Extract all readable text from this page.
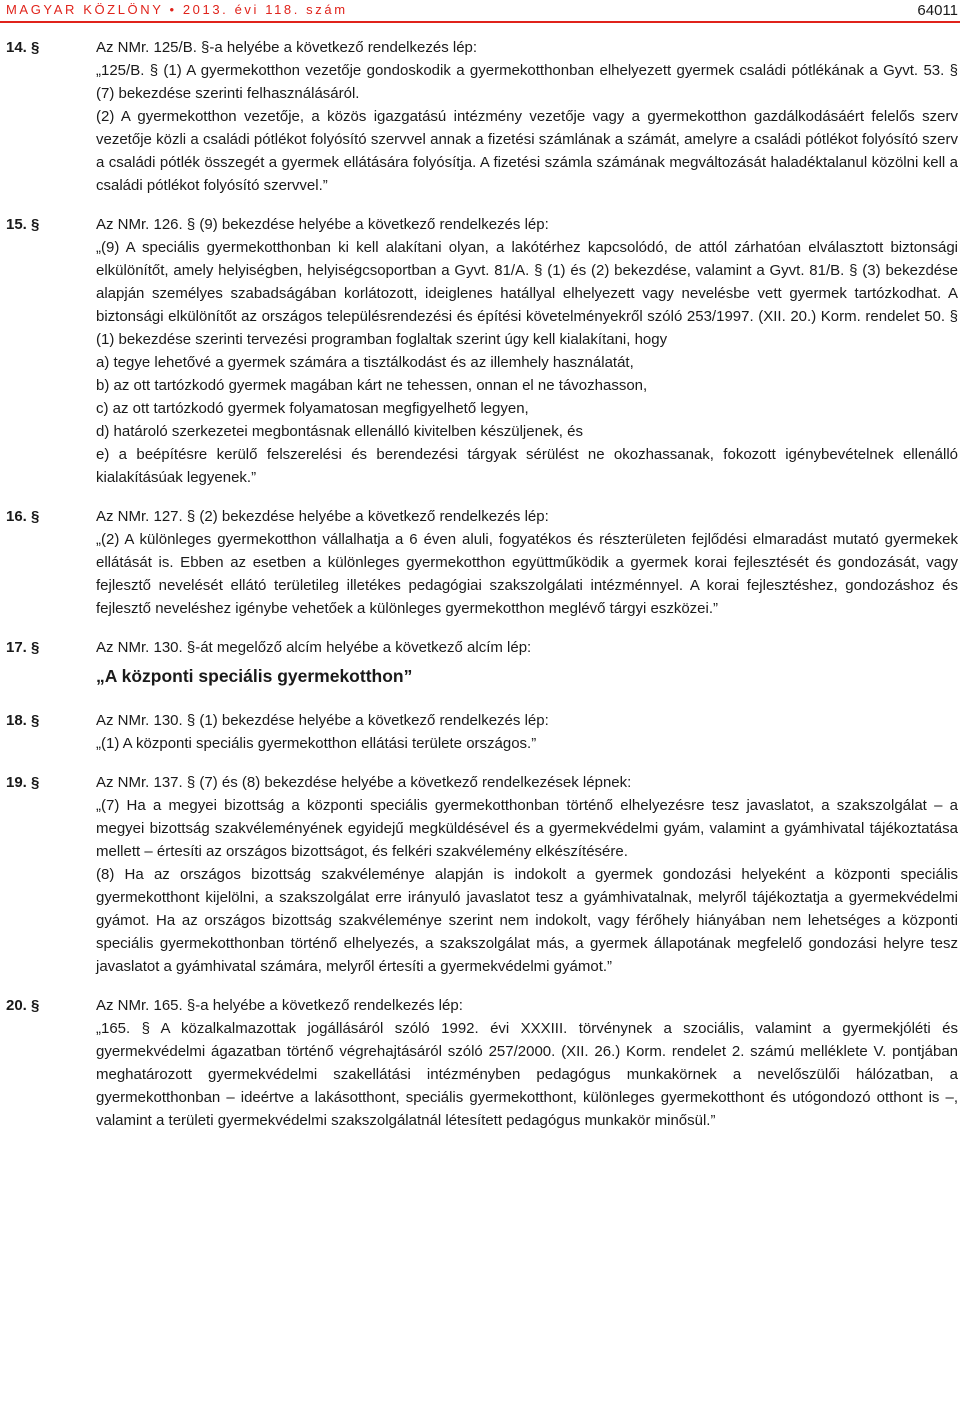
MAGYAR KÖZLÖNY • 2013. évi 118. szám	64011
14. §	Az NMr. 125/B. §-a helyébe a következő rendelkezés lép:

„125/B. § (1) A gyermekotthon vezetője gondoskodik a gyermekotthonban elhelyezett gyermek családi pótlékának a Gyvt. 53. § (7) bekezdése szerinti felhasználásáról.

(2) A gyermekotthon vezetője, a közös igazgatású intézmény vezetője vagy a gyermekotthon gazdálkodásáért felelős szerv vezetője közli a családi pótlékot folyósító szervvel annak a fizetési számlának a számát, amelyre a családi pótlékot folyósító szerv a családi pótlék összegét a gyermek ellátására folyósítja. A fizetési számla számának megváltozását haladéktalanul közölni kell a családi pótlékot folyósító szervvel.”

15. §	Az NMr. 126. § (9) bekezdése helyébe a következő rendelkezés lép:

„(9) A speciális gyermekotthonban ki kell alakítani olyan, a lakótérhez kapcsolódó, de attól zárhatóan elválasztott biztonsági elkülönítőt, amely helyiségben, helyiségcsoportban a Gyvt. 81/A. § (1) és (2) bekezdése, valamint a Gyvt. 81/B. § (3) bekezdése alapján személyes szabadságában korlátozott, ideiglenes hatállyal elhelyezett vagy nevelésbe vett gyermek tartózkodhat. A biztonsági elkülönítőt az országos településrendezési és építési követelményekről szóló 253/1997. (XII. 20.) Korm. rendelet 50. § (1) bekezdése szerinti tervezési programban foglaltak szerint úgy kell kialakítani, hogy

a) tegye lehetővé a gyermek számára a tisztálkodást és az illemhely használatát,

b) az ott tartózkodó gyermek magában kárt ne tehessen, onnan el ne távozhasson,

c) az ott tartózkodó gyermek folyamatosan megfigyelhető legyen,

d) határoló szerkezetei megbontásnak ellenálló kivitelben készüljenek, és

e) a beépítésre kerülő felszerelési és berendezési tárgyak sérülést ne okozhassanak, fokozott igénybevételnek ellenálló kialakításúak legyenek.”

16. §	Az NMr. 127. § (2) bekezdése helyébe a következő rendelkezés lép:

„(2) A különleges gyermekotthon vállalhatja a 6 éven aluli, fogyatékos és részterületen fejlődési elmaradást mutató gyermekek ellátását is. Ebben az esetben a különleges gyermekotthon együttműködik a gyermek korai fejlesztését és gondozását, vagy fejlesztő nevelését ellátó területileg illetékes pedagógiai szakszolgálati intézménnyel. A korai fejlesztéshez, gondozáshoz és fejlesztő neveléshez igénybe vehetőek a különleges gyermekotthon meglévő tárgyi eszközei.”

17. §	Az NMr. 130. §-át megelőző alcím helyébe a következő alcím lép:

„A központi speciális gyermekotthon”

18. §	Az NMr. 130. § (1) bekezdése helyébe a következő rendelkezés lép:

„(1) A központi speciális gyermekotthon ellátási területe országos.”

19. §	Az NMr. 137. § (7) és (8) bekezdése helyébe a következő rendelkezések lépnek:

„(7) Ha a megyei bizottság a központi speciális gyermekotthonban történő elhelyezésre tesz javaslatot, a szakszolgálat – a megyei bizottság szakvéleményének egyidejű megküldésével és a gyermekvédelmi gyám, valamint a gyámhivatal tájékoztatása mellett – értesíti az országos bizottságot, és felkéri szakvélemény elkészítésére.

(8) Ha az országos bizottság szakvéleménye alapján is indokolt a gyermek gondozási helyeként a központi speciális gyermekotthont kijelölni, a szakszolgálat erre irányuló javaslatot tesz a gyámhivatalnak, melyről tájékoztatja a gyermekvédelmi gyámot. Ha az országos bizottság szakvéleménye szerint nem indokolt, vagy férőhely hiányában nem lehetséges a központi speciális gyermekotthonban történő elhelyezés, a szakszolgálat más, a gyermek állapotának megfelelő gondozási helyre tesz javaslatot a gyámhivatal számára, melyről értesíti a gyermekvédelmi gyámot.”

20. §	Az NMr. 165. §-a helyébe a következő rendelkezés lép:

„165. § A közalkalmazottak jogállásáról szóló 1992. évi XXXIII. törvénynek a szociális, valamint a gyermekjóléti és gyermekvédelmi ágazatban történő végrehajtásáról szóló 257/2000. (XII. 26.) Korm. rendelet 2. számú melléklete V. pontjában meghatározott gyermekvédelmi szakellátási intézményben pedagógus munkakörnek a nevelőszülői hálózatban, a gyermekotthonban – ideértve a lakásotthont, speciális gyermekotthont, különleges gyermekotthont és utógondozó otthont is –, valamint a területi gyermekvédelmi szakszolgálatnál létesített pedagógus munkakör minősül.”
